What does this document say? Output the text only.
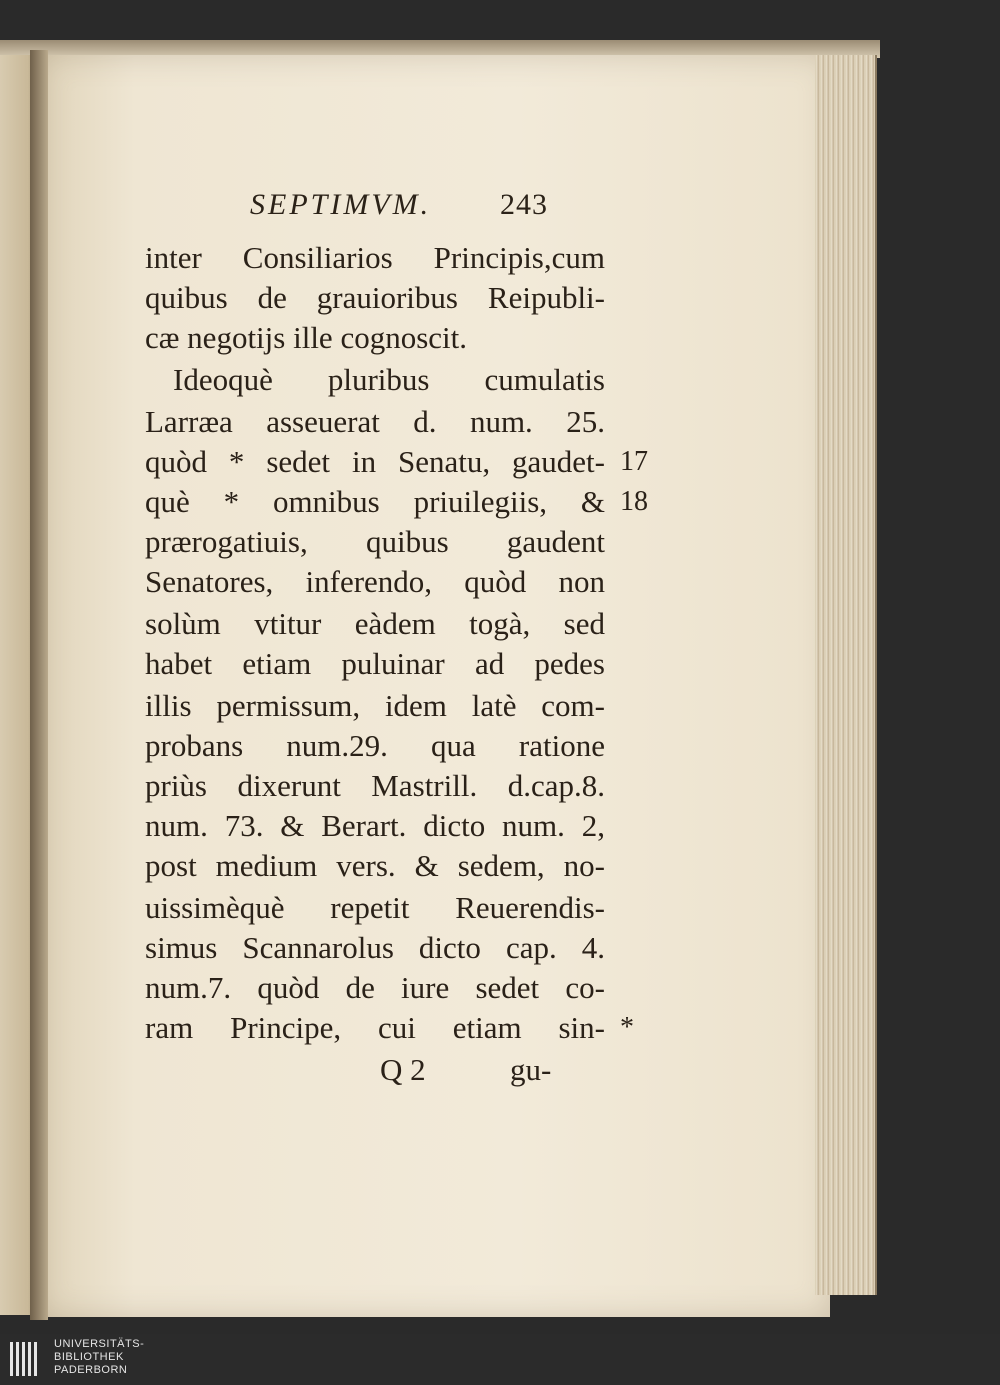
SEPTIMVM. 243
inter Consiliarios Principis,cum
quibus de grauioribus Reipubli-
cæ negotijs ille cognoscit.
Ideoquè pluribus cumulatis
Larræa asseuerat d. num. 25.
quòd * sedet in Senatu, gaudet-
què * omnibus priuilegiis, &
prærogatiuis, quibus gaudent
Senatores, inferendo, quòd non
solùm vtitur eàdem togà, sed
habet etiam puluinar ad pedes
illis permissum, idem latè com-
probans num.29. qua ratione
priùs dixerunt Mastrill. d.cap.8.
num. 73. & Berart. dicto num. 2,
post medium vers. & sedem, no-
uissimèquè repetit Reuerendis-
simus Scannarolus dicto cap. 4.
num.7. quòd de iure sedet co-
ram Principe, cui etiam sin-
17
18
*
Q 2	gu-
UNIVERSITÄTS-
BIBLIOTHEK
PADERBORN
